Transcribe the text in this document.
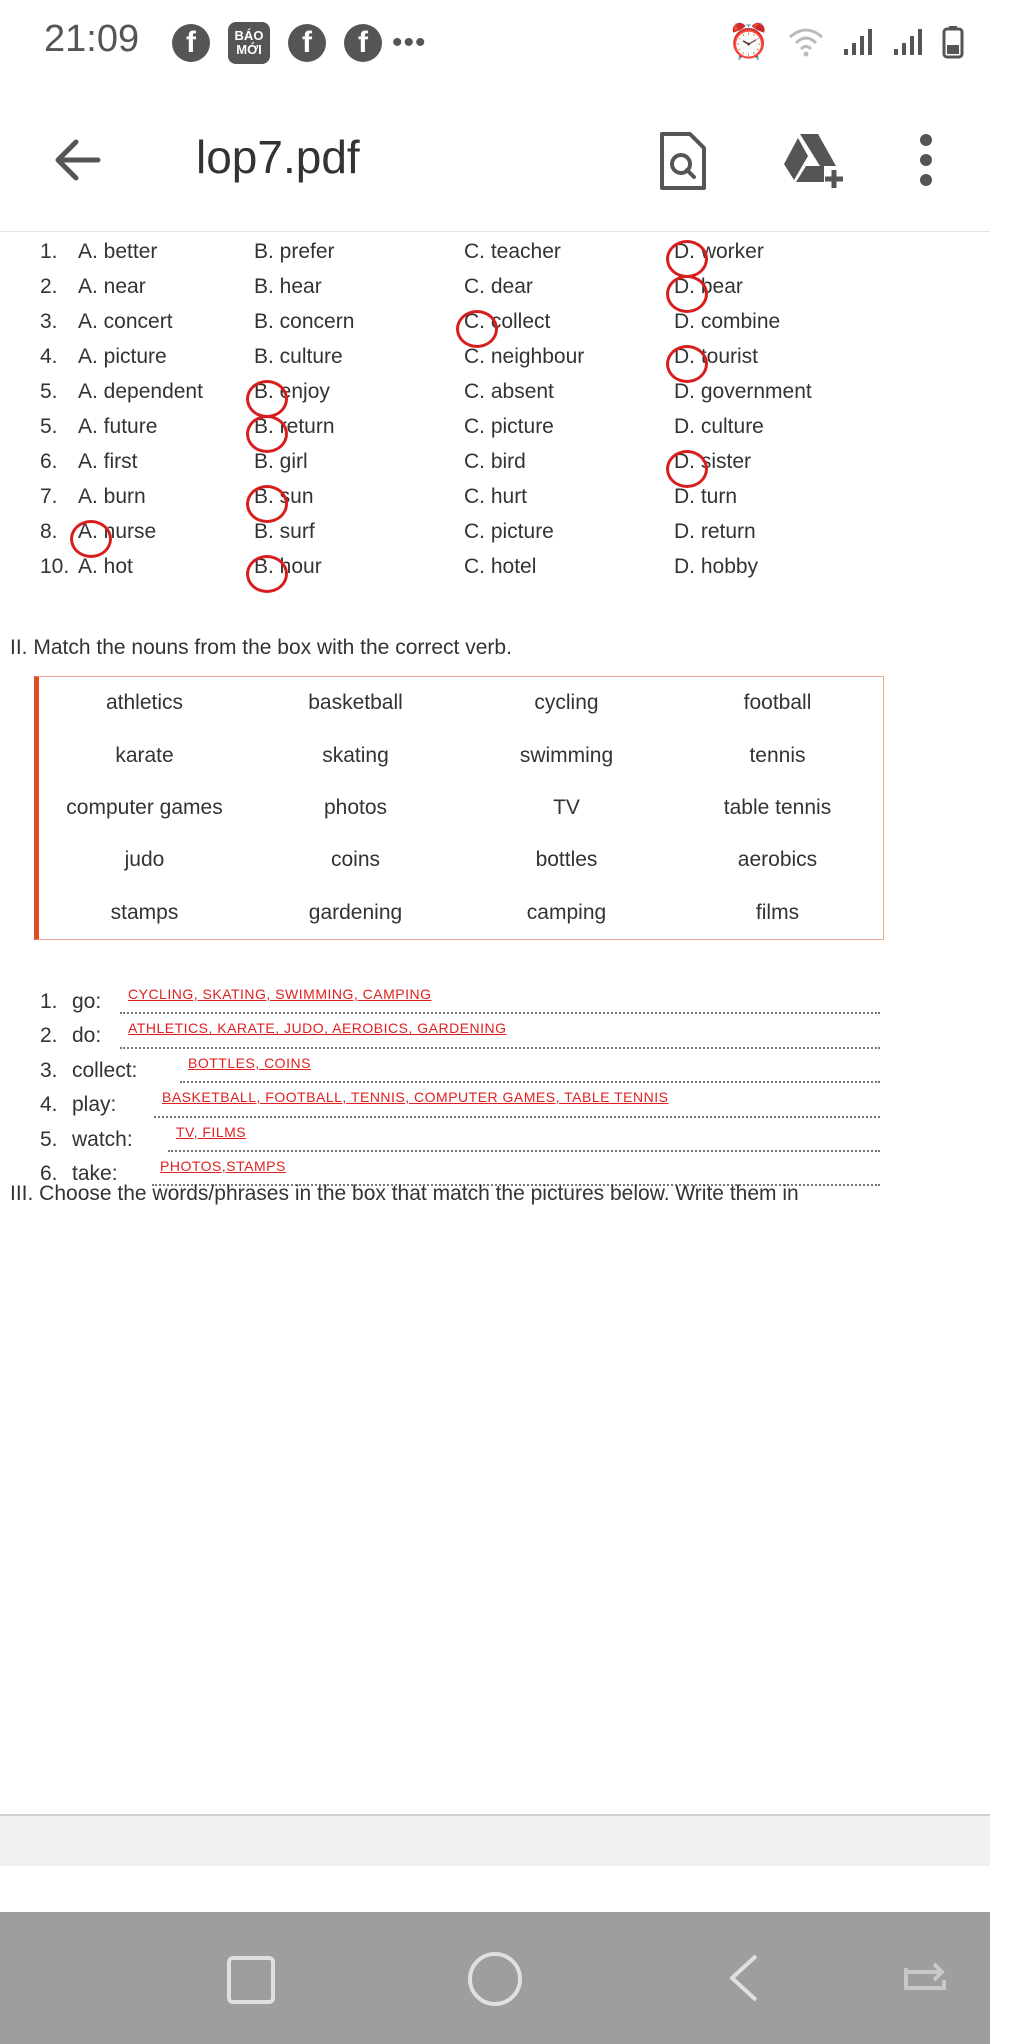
21:09	f	BÁO
MỚI	f	f •••	⏰
lop7.pdf
1. A. better	B. prefer	C. teacher	D. worker
2. A. near	B. hear	C. dear	D. bear
3. A. concert	B. concern	C. collect	D. combine
4. A. picture	B. culture	C. neighbour	D. tourist
5. A. dependent B. enjoy	C. absent	D. government
5. A. future	B. return	C. picture	D. culture
6. A. first	B. girl	C. bird	D. sister
7. A. burn	B. sun	C. hurt	D. turn
8. A. nurse	B. surf	C. picture	D. return
10. A. hot	B. hour	C. hotel	D. hobby
II. Match the nouns from the box with the correct verb.
athletics	basketball	cycling	football
karate	skating	swimming	tennis
computer games	photos	TV	table tennis
judo	coins	bottles	aerobics
stamps	gardening	camping	films
1. go: CYCLING, SKATING, SWIMMING, CAMPING
2. do: ATHLETICS, KARATE, JUDO, AEROBICS, GARDENING
3. collect:	BOTTLES, COINS
4. play:	BASKETBALL, FOOTBALL, TENNIS, COMPUTER GAMES, TABLE TENNIS
5. watch:	TV, FILMS
6. take:	PHOTOS,STAMPS
III. Choose the words/phrases in the box that match the pictures below. Write them in
